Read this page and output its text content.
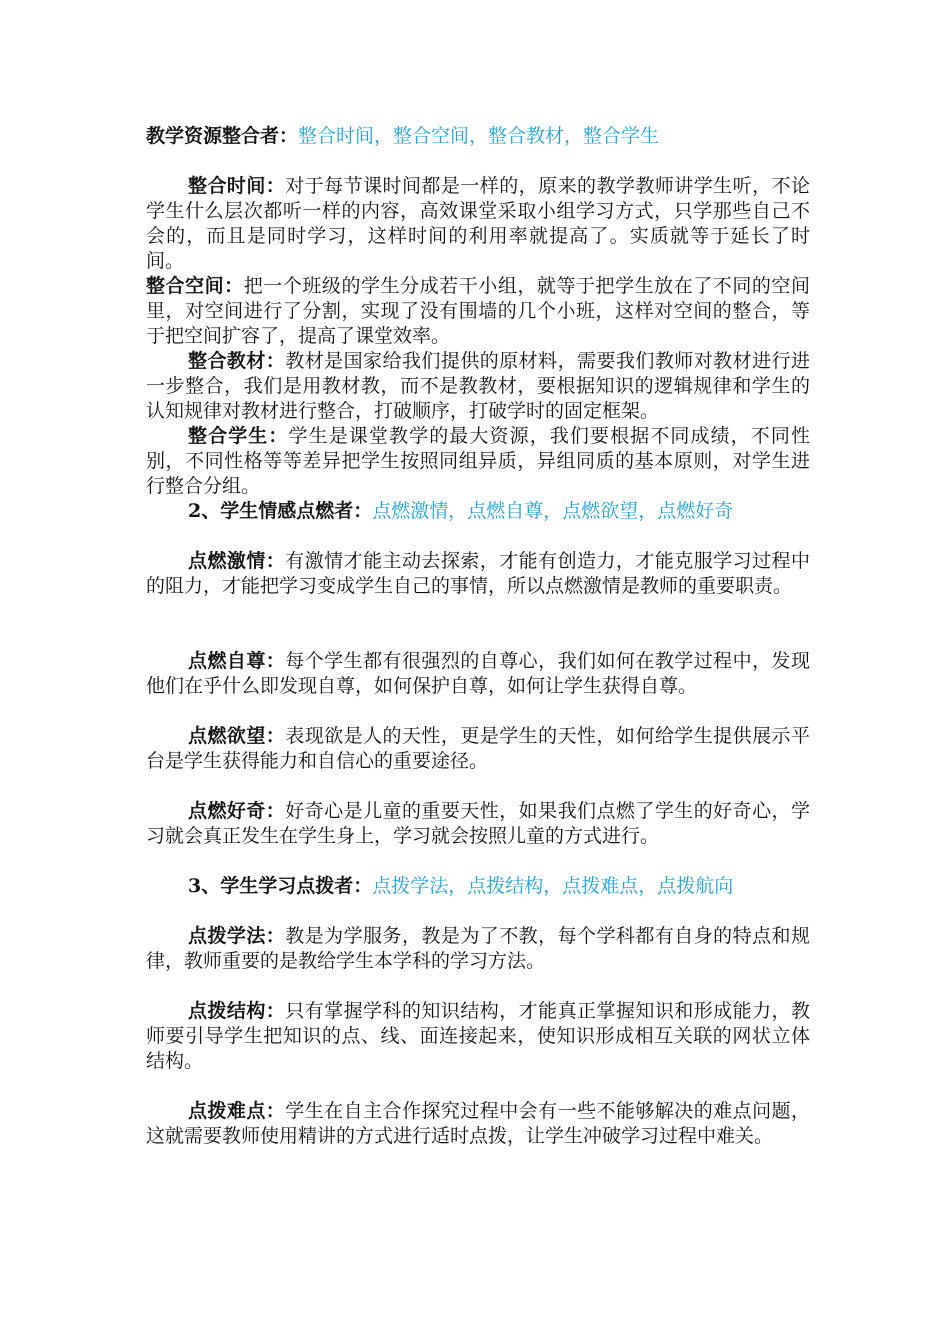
教学资源整合者：整合时间，整合空间，整合教材，整合学生

整合时间：对于每节课时间都是一样的，原来的教学教师讲学生听，不论学生什么层次都听一样的内容，高效课堂采取小组学习方式，只学那些自己不会的，而且是同时学习，这样时间的利用率就提高了。实质就等于延长了时间。

整合空间：把一个班级的学生分成若干小组，就等于把学生放在了不同的空间里，对空间进行了分割，实现了没有围墙的几个小班，这样对空间的整合，等于把空间扩容了，提高了课堂效率。

整合教材：教材是国家给我们提供的原材料，需要我们教师对教材进行进一步整合，我们是用教材教，而不是教教材，要根据知识的逻辑规律和学生的认知规律对教材进行整合，打破顺序，打破学时的固定框架。

整合学生：学生是课堂教学的最大资源，我们要根据不同成绩，不同性别，不同性格等等差异把学生按照同组异质，异组同质的基本原则，对学生进行整合分组。

2、学生情感点燃者：点燃激情，点燃自尊，点燃欲望，点燃好奇

点燃激情：有激情才能主动去探索，才能有创造力，才能克服学习过程中的阻力，才能把学习变成学生自己的事情，所以点燃激情是教师的重要职责。

点燃自尊：每个学生都有很强烈的自尊心，我们如何在教学过程中，发现他们在乎什么即发现自尊，如何保护自尊，如何让学生获得自尊。

点燃欲望：表现欲是人的天性，更是学生的天性，如何给学生提供展示平台是学生获得能力和自信心的重要途径。

点燃好奇：好奇心是儿童的重要天性，如果我们点燃了学生的好奇心，学习就会真正发生在学生身上，学习就会按照儿童的方式进行。

3、学生学习点拨者：点拨学法，点拨结构，点拨难点，点拨航向

点拨学法：教是为学服务，教是为了不教，每个学科都有自身的特点和规律，教师重要的是教给学生本学科的学习方法。

点拨结构：只有掌握学科的知识结构，才能真正掌握知识和形成能力，教师要引导学生把知识的点、线、面连接起来，使知识形成相互关联的网状立体结构。

点拨难点：学生在自主合作探究过程中会有一些不能够解决的难点问题，这就需要教师使用精讲的方式进行适时点拨，让学生冲破学习过程中难关。
